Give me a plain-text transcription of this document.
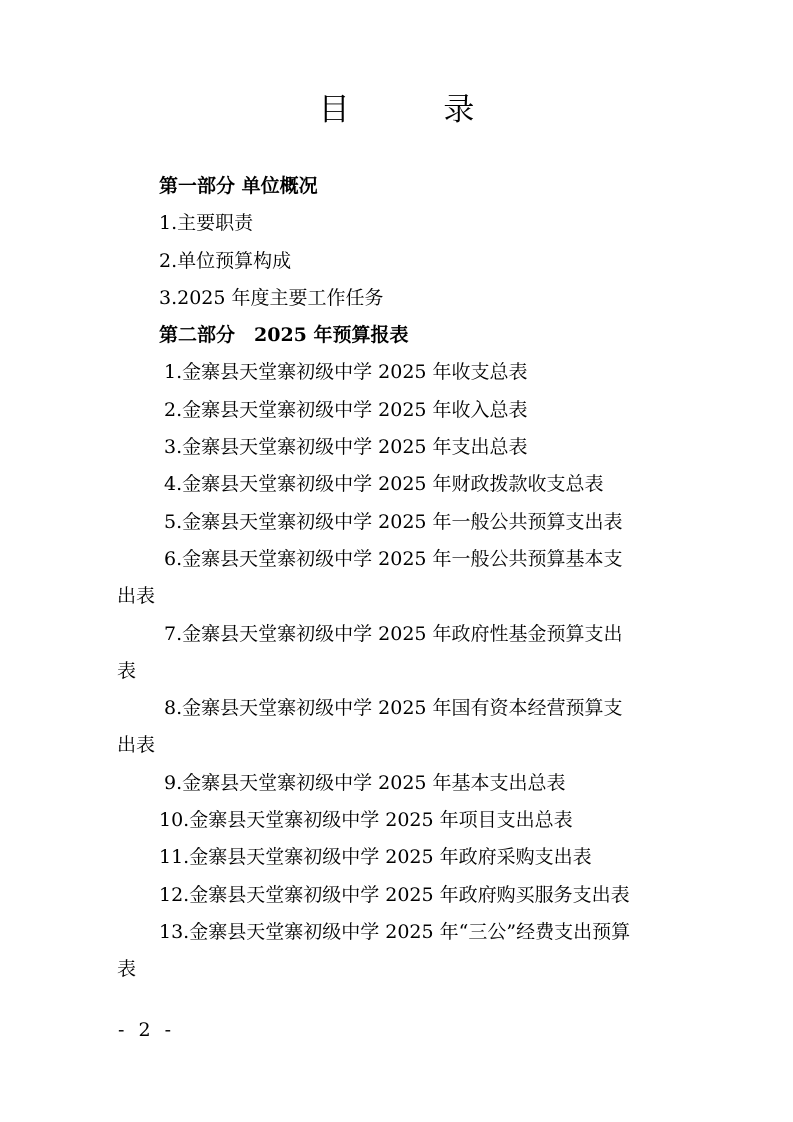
目 录
第一部分 单位概况
1.主要职责
2.单位预算构成
3.2025 年度主要工作任务
第二部分　2025 年预算报表
1.金寨县天堂寨初级中学 2025 年收支总表
2.金寨县天堂寨初级中学 2025 年收入总表
3.金寨县天堂寨初级中学 2025 年支出总表
4.金寨县天堂寨初级中学 2025 年财政拨款收支总表
5.金寨县天堂寨初级中学 2025 年一般公共预算支出表
6.金寨县天堂寨初级中学 2025 年一般公共预算基本支
出表
7.金寨县天堂寨初级中学 2025 年政府性基金预算支出
表
8.金寨县天堂寨初级中学 2025 年国有资本经营预算支
出表
9.金寨县天堂寨初级中学 2025 年基本支出总表
10.金寨县天堂寨初级中学 2025 年项目支出总表
11.金寨县天堂寨初级中学 2025 年政府采购支出表
12.金寨县天堂寨初级中学 2025 年政府购买服务支出表
13.金寨县天堂寨初级中学 2025 年“三公”经费支出预算
表
- 2 -
